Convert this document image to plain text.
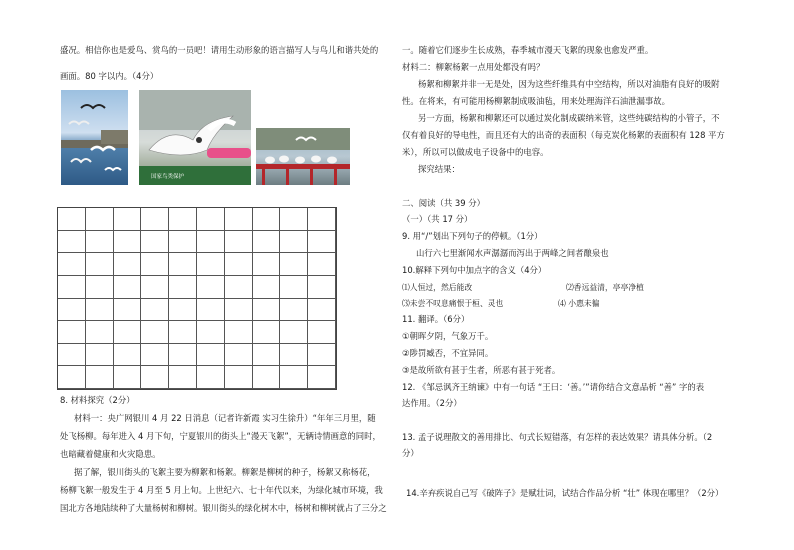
盛况。相信你也是爱鸟、赏鸟的一员吧！请用生动形象的语言描写人与鸟儿和谐共处的
画面。80 字以内。（4分）
国家鸟类保护
8. 材料探究（2分）
材料一：央广网银川 4 月 22 日消息（记者许新霞 实习生徐升）“年年三月里，随
处飞杨柳。每年进入 4 月下旬，宁夏银川的街头上“漫天飞絮”，无辆诗情画意的同时，
也暗藏着健康和火灾隐患。
据了解，银川街头的飞絮主要为柳絮和杨絮。柳絮是柳树的种子，杨絮又称杨花，
杨柳飞絮一般发生于 4 月至 5 月上旬。上世纪六、七十年代以来，为绿化城市环境，我
国北方各地陆续种了大量杨树和柳树。银川街头的绿化树木中，杨树和柳树就占了三分之
一。随着它们逐步生长成熟，春季城市漫天飞絮的现象也愈发严重。
材料二：柳絮杨絮一点用处都没有吗？
杨絮和柳絮并非一无是处，因为这些纤维具有中空结构，所以对油脂有良好的吸附
性。在将来，有可能用杨柳絮制成吸油毡，用来处理海洋石油泄漏事故。
另一方面，杨絮和柳絮还可以通过炭化制成碳纳米管，这些纯碳结构的小管子，不
仅有着良好的导电性，而且还有大的出奇的表面积（每克炭化杨絮的表面积有 128 平方
米），所以可以做成电子设备中的电容。
探究结果：
二、阅读（共 39 分）
（一）（共 17 分）
9. 用“/”划出下列句子的停顿。（1分）
山行六七里渐闻水声潺潺而泻出于两峰之间者酿泉也
10.解释下列句中加点字的含义（4分）
⑴人恒过，然后能改	⑵香远益清，亭亭净植
⑶未尝不叹息痛恨于桓、灵也	⑷ 小惠未徧
11. 翻译。（6分）
①朝晖夕阴，气象万千。
②陟罚臧否，不宜异同。
③是故所欲有甚于生者，所恶有甚于死者。
12. 《邹忌讽齐王纳谏》中有一句话 “王曰：‘善。’”请你结合文意品析 “善” 字的表
达作用。（2分）
13. 孟子说理散文的善用排比、句式长短错落，有怎样的表达效果？请具体分析。（2
分）
14.辛弃疾说自己写《破阵子》是赋壮词，试结合作品分析 “壮” 体现在哪里？（2分）
